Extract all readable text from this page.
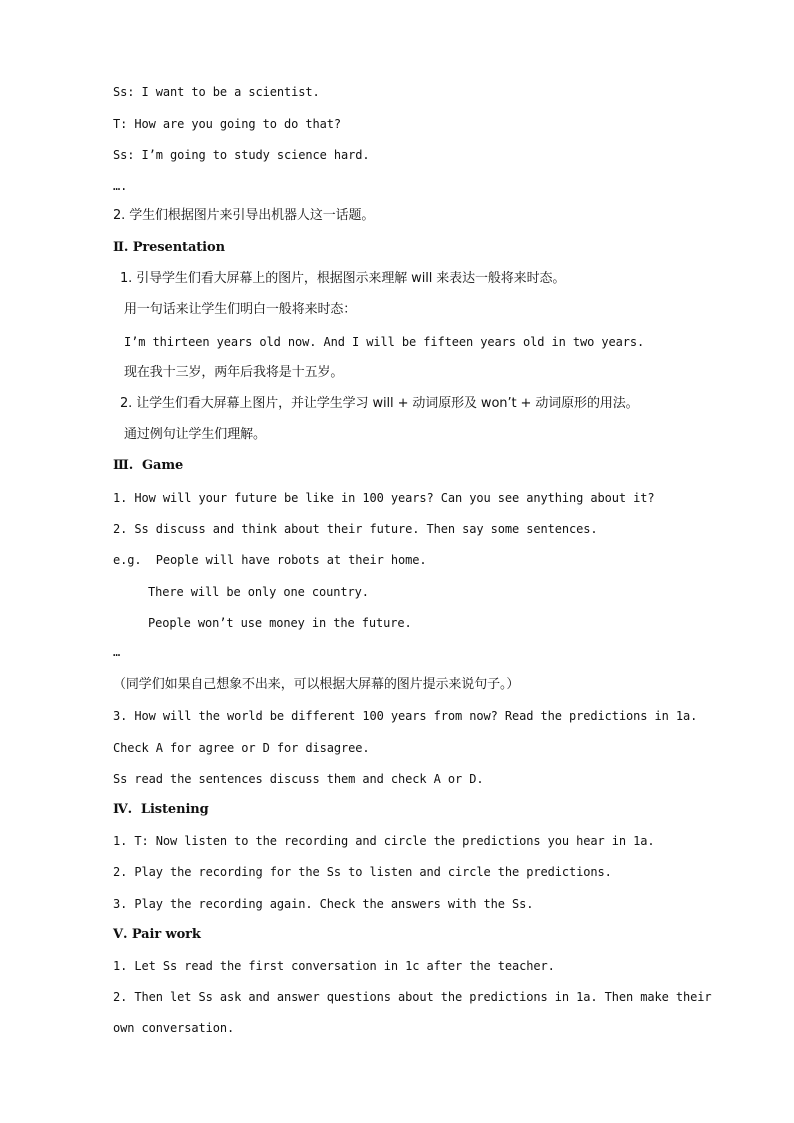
Ss: I want to be a scientist.

T: How are you going to do that?

Ss: I’m going to study science hard.

….

2. 学生们根据图片来引导出机器人这一话题。

Ⅱ. Presentation

1. 引导学生们看大屏幕上的图片，根据图示来理解 will 来表达一般将来时态。

用一句话来让学生们明白一般将来时态：

I’m thirteen years old now. And I will be fifteen years old in two years.

现在我十三岁，两年后我将是十五岁。

2. 让学生们看大屏幕上图片，并让学生学习 will + 动词原形及 won’t + 动词原形的用法。

通过例句让学生们理解。

Ⅲ.  Game

1. How will your future be like in 100 years? Can you see anything about it?

2. Ss discuss and think about their future. Then say some sentences.

e.g.  People will have robots at their home.

There will be only one country.

People won’t use money in the future.

…

（同学们如果自己想象不出来，可以根据大屏幕的图片提示来说句子。）

3. How will the world be different 100 years from now? Read the predictions in 1a.

Check A for agree or D for disagree.

Ss read the sentences discuss them and check A or D.

Ⅳ.  Listening

1. T: Now listen to the recording and circle the predictions you hear in 1a.

2. Play the recording for the Ss to listen and circle the predictions.

3. Play the recording again. Check the answers with the Ss.

Ⅴ. Pair work

1. Let Ss read the first conversation in 1c after the teacher.

2. Then let Ss ask and answer questions about the predictions in 1a. Then make their

own conversation.
